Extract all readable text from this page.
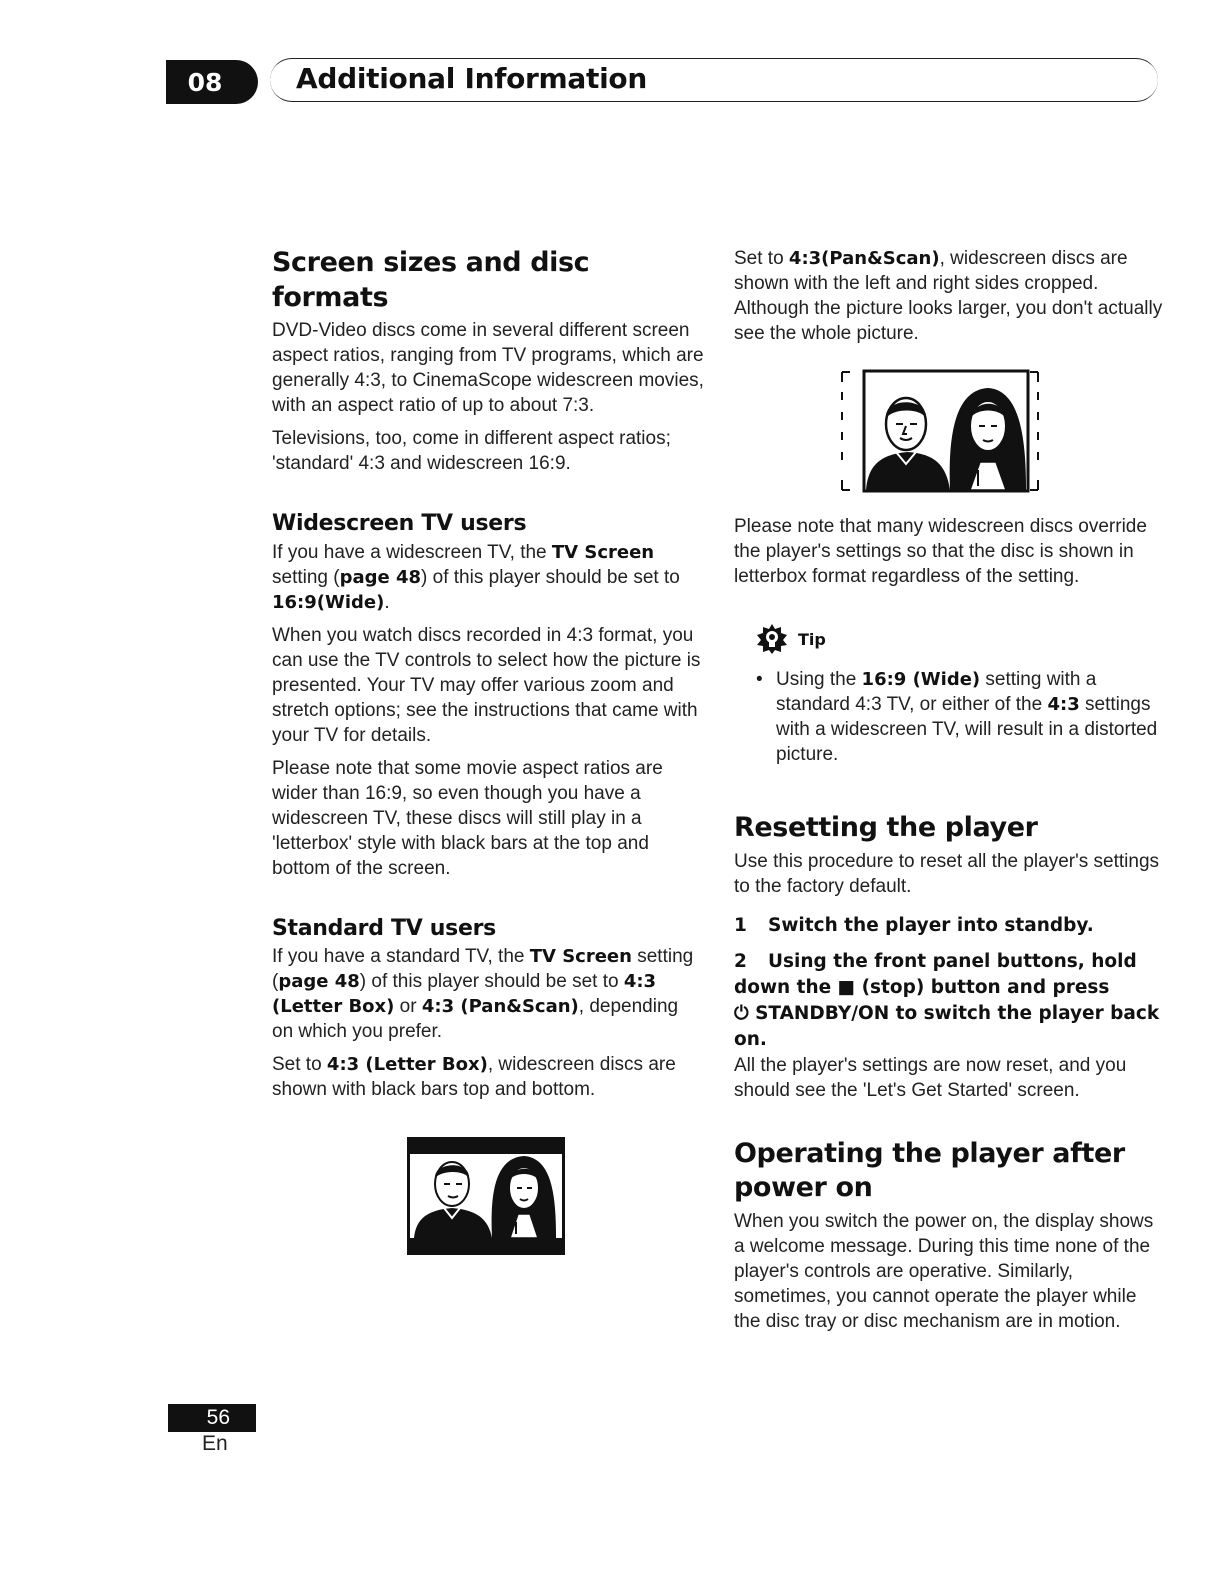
08	Additional Information
Screen sizes and disc formats

DVD-Video discs come in several different screen aspect ratios, ranging from TV programs, which are generally 4:3, to CinemaScope widescreen movies, with an aspect ratio of up to about 7:3.

Televisions, too, come in different aspect ratios; 'standard' 4:3 and widescreen 16:9.

Widescreen TV users

If you have a widescreen TV, the TV Screen setting (page 48) of this player should be set to 16:9(Wide).

When you watch discs recorded in 4:3 format, you can use the TV controls to select how the picture is presented. Your TV may offer various zoom and stretch options; see the instructions that came with your TV for details.

Please note that some movie aspect ratios are wider than 16:9, so even though you have a widescreen TV, these discs will still play in a 'letterbox' style with black bars at the top and bottom of the screen.

Standard TV users

If you have a standard TV, the TV Screen setting (page 48) of this player should be set to 4:3 (Letter Box) or 4:3 (Pan&Scan), depending on which you prefer.

Set to 4:3 (Letter Box), widescreen discs are shown with black bars top and bottom.

Set to 4:3(Pan&Scan), widescreen discs are shown with the left and right sides cropped. Although the picture looks larger, you don't actually see the whole picture.

Please note that many widescreen discs override the player's settings so that the disc is shown in letterbox format regardless of the setting.

Tip
• Using the 16:9 (Wide) setting with a standard 4:3 TV, or either of the 4:3 settings with a widescreen TV, will result in a distorted picture.

Resetting the player

Use this procedure to reset all the player's settings to the factory default.

1 Switch the player into standby.
2 Using the front panel buttons, hold down the ■ (stop) button and press
⏻ STANDBY/ON to switch the player back on.

All the player's settings are now reset, and you should see the 'Let's Get Started' screen.

Operating the player after power on

When you switch the power on, the display shows a welcome message. During this time none of the player's controls are operative. Similarly, sometimes, you cannot operate the player while the disc tray or disc mechanism are in motion.

56
En
